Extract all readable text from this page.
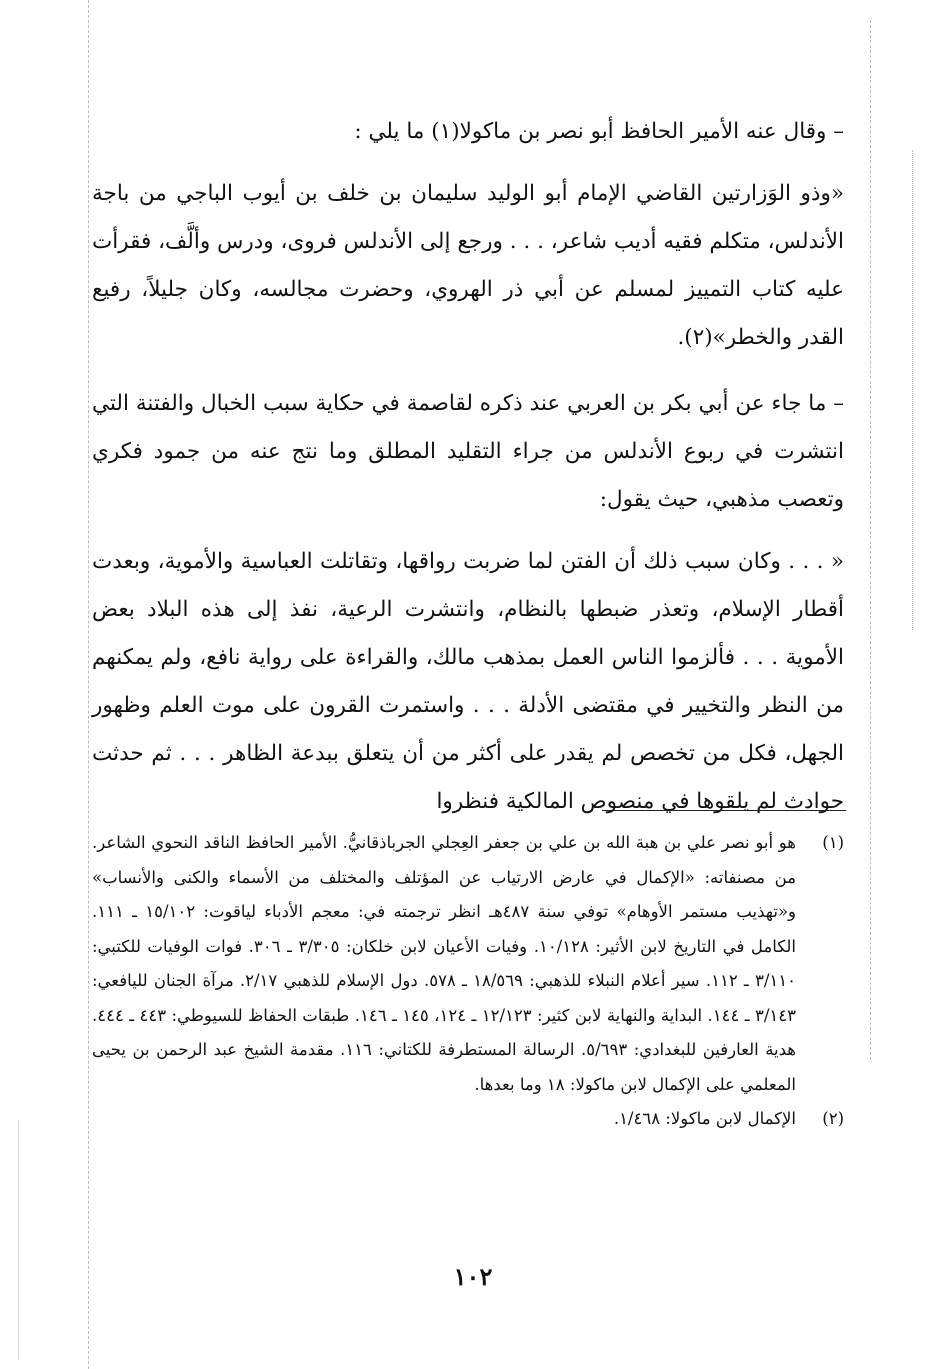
– وقال عنه الأمير الحافظ أبو نصر بن ماكولا(١) ما يلي :

«وذو الوَزارتين القاضي الإمام أبو الوليد سليمان بن خلف بن أيوب الباجي من باجة الأندلس، متكلم فقيه أديب شاعر، . . . ورجع إلى الأندلس فروى، ودرس وألَّف، فقرأت عليه كتاب التمييز لمسلم عن أبي ذر الهروي، وحضرت مجالسه، وكان جليلاً، رفيع القدر والخطر»(٢).

– ما جاء عن أبي بكر بن العربي عند ذكره لقاصمة في حكاية سبب الخبال والفتنة التي انتشرت في ربوع الأندلس من جراء التقليد المطلق وما نتج عنه من جمود فكري وتعصب مذهبي، حيث يقول:

« . . . وكان سبب ذلك أن الفتن لما ضربت رواقها، وتقاتلت العباسية والأموية، وبعدت أقطار الإسلام، وتعذر ضبطها بالنظام، وانتشرت الرعية، نفذ إلى هذه البلاد بعض الأموية . . . فألزموا الناس العمل بمذهب مالك، والقراءة على رواية نافع، ولم يمكنهم من النظر والتخيير في مقتضى الأدلة . . . واستمرت القرون على موت العلم وظهور الجهل، فكل من تخصص لم يقدر على أكثر من أن يتعلق ببدعة الظاهر . . . ثم حدثت حوادث لم يلقوها في منصوص المالكية فنظروا

(١)
هو أبو نصر علي بن هبة الله بن علي بن جعفر العِجلي الجرباذقانيُّ. الأمير الحافظ الناقد النحوي الشاعر. من مصنفاته: «الإكمال في عارض الارتياب عن المؤتلف والمختلف من الأسماء والكنى والأنساب» و«تهذيب مستمر الأوهام» توفي سنة ٤٨٧هـ انظر ترجمته في: معجم الأدباء لياقوت: ١٥/١٠٢ ـ ١١١. الكامل في التاريخ لابن الأثير: ١٠/١٢٨. وفيات الأعيان لابن خلكان: ٣/٣٠٥ ـ ٣٠٦. فوات الوفيات للكتبي: ٣/١١٠ ـ ١١٢. سير أعلام النبلاء للذهبي: ١٨/٥٦٩ ـ ٥٧٨. دول الإسلام للذهبي ٢/١٧. مرآة الجنان لليافعي: ٣/١٤٣ ـ ١٤٤. البداية والنهاية لابن كثير: ١٢/١٢٣ ـ ١٢٤، ١٤٥ ـ ١٤٦. طبقات الحفاظ للسيوطي: ٤٤٣ ـ ٤٤٤. هدية العارفين للبغدادي: ٥/٦٩٣. الرسالة المستطرفة للكتاني: ١١٦. مقدمة الشيخ عبد الرحمن بن يحيى المعلمي على الإكمال لابن ماكولا: ١٨ وما بعدها.
(٢)
الإكمال لابن ماكولا: ١/٤٦٨.
١٠٢
